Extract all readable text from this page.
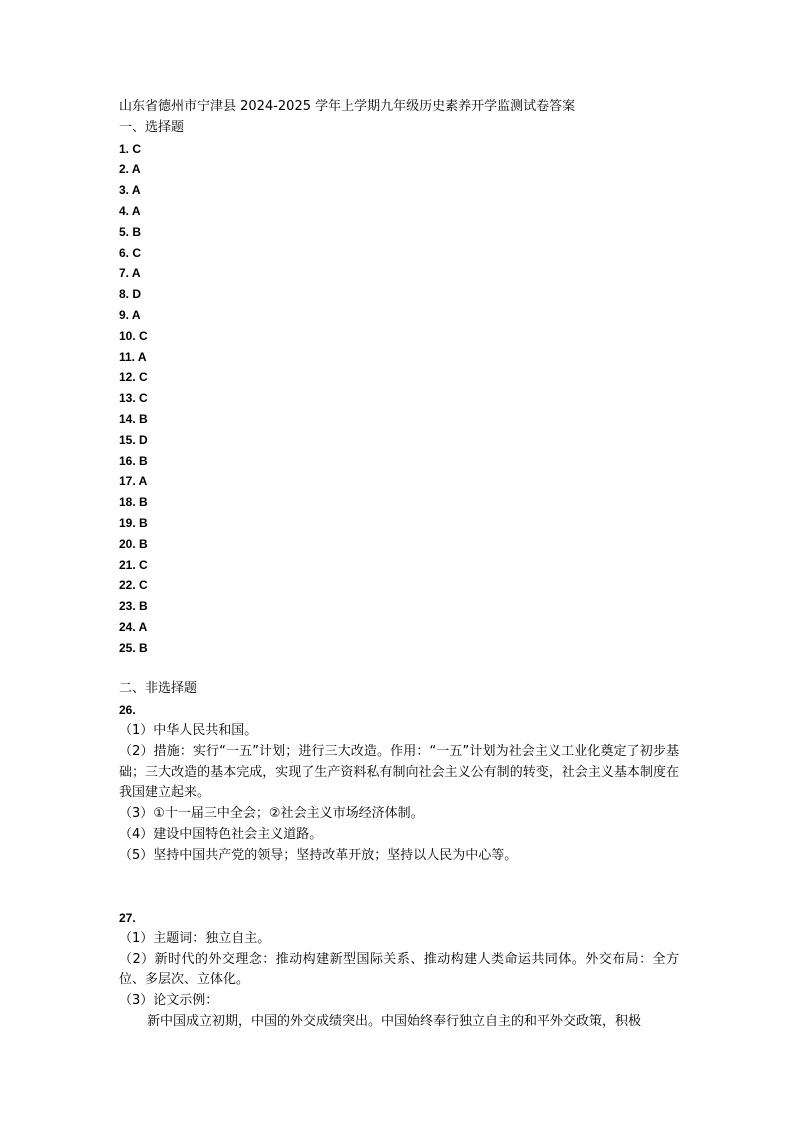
山东省德州市宁津县 2024-2025 学年上学期九年级历史素养开学监测试卷答案
一、选择题
1. C
2. A
3. A
4. A
5. B
6. C
7. A
8. D
9. A
10. C
11. A
12. C
13. C
14. B
15. D
16. B
17. A
18. B
19. B
20. B
21. C
22. C
23. B
24. A
25. B
二、非选择题
26.
（1）中华人民共和国。
（2）措施：实行“一五”计划；进行三大改造。作用：“一五”计划为社会主义工业化奠定了初步基础；三大改造的基本完成，实现了生产资料私有制向社会主义公有制的转变，社会主义基本制度在我国建立起来。
（3）①十一届三中全会；②社会主义市场经济体制。
（4）建设中国特色社会主义道路。
（5）坚持中国共产党的领导；坚持改革开放；坚持以人民为中心等。
27.
（1）主题词：独立自主。
（2）新时代的外交理念：推动构建新型国际关系、推动构建人类命运共同体。外交布局：全方位、多层次、立体化。
（3）论文示例：
新中国成立初期，中国的外交成绩突出。中国始终奉行独立自主的和平外交政策，积极
